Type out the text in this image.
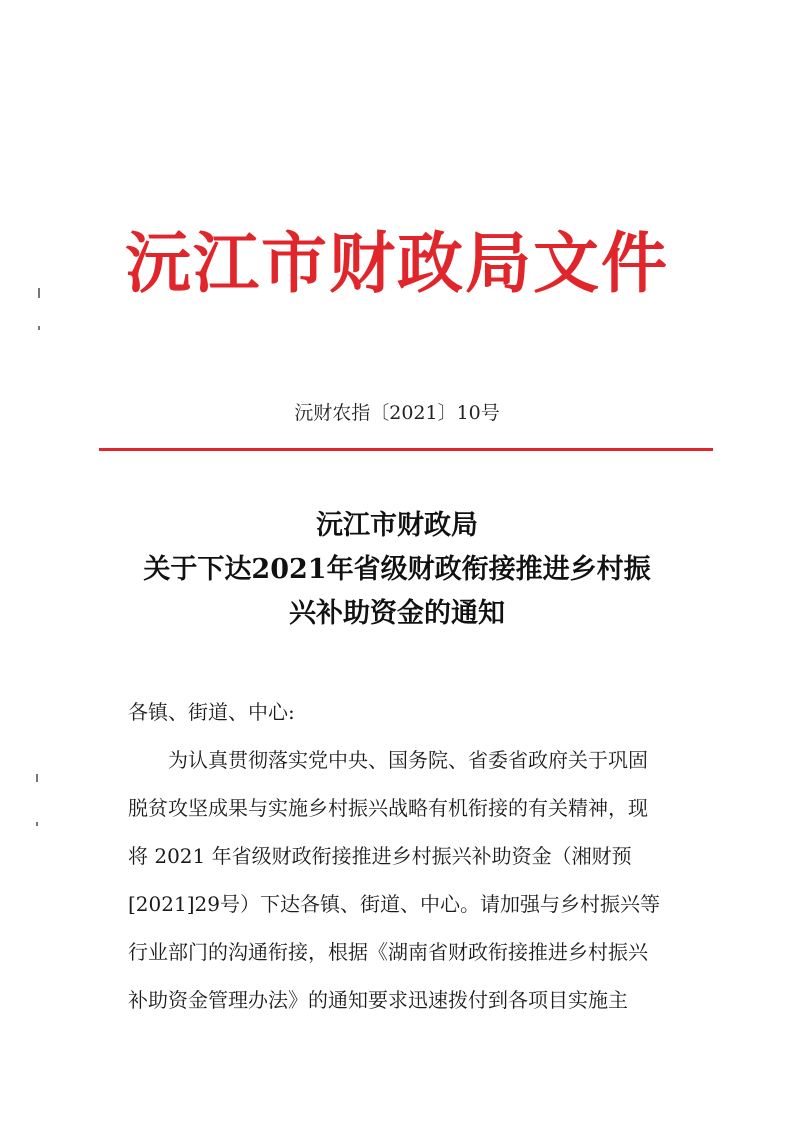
沅江市财政局文件
沅财农指〔2021〕10号
沅江市财政局
关于下达2021年省级财政衔接推进乡村振
兴补助资金的通知
各镇、街道、中心:
为认真贯彻落实党中央、国务院、省委省政府关于巩固
脱贫攻坚成果与实施乡村振兴战略有机衔接的有关精神，现
将 2021 年省级财政衔接推进乡村振兴补助资金（湘财预
[2021]29号）下达各镇、街道、中心。请加强与乡村振兴等
行业部门的沟通衔接，根据《湖南省财政衔接推进乡村振兴
补助资金管理办法》的通知要求迅速拨付到各项目实施主
